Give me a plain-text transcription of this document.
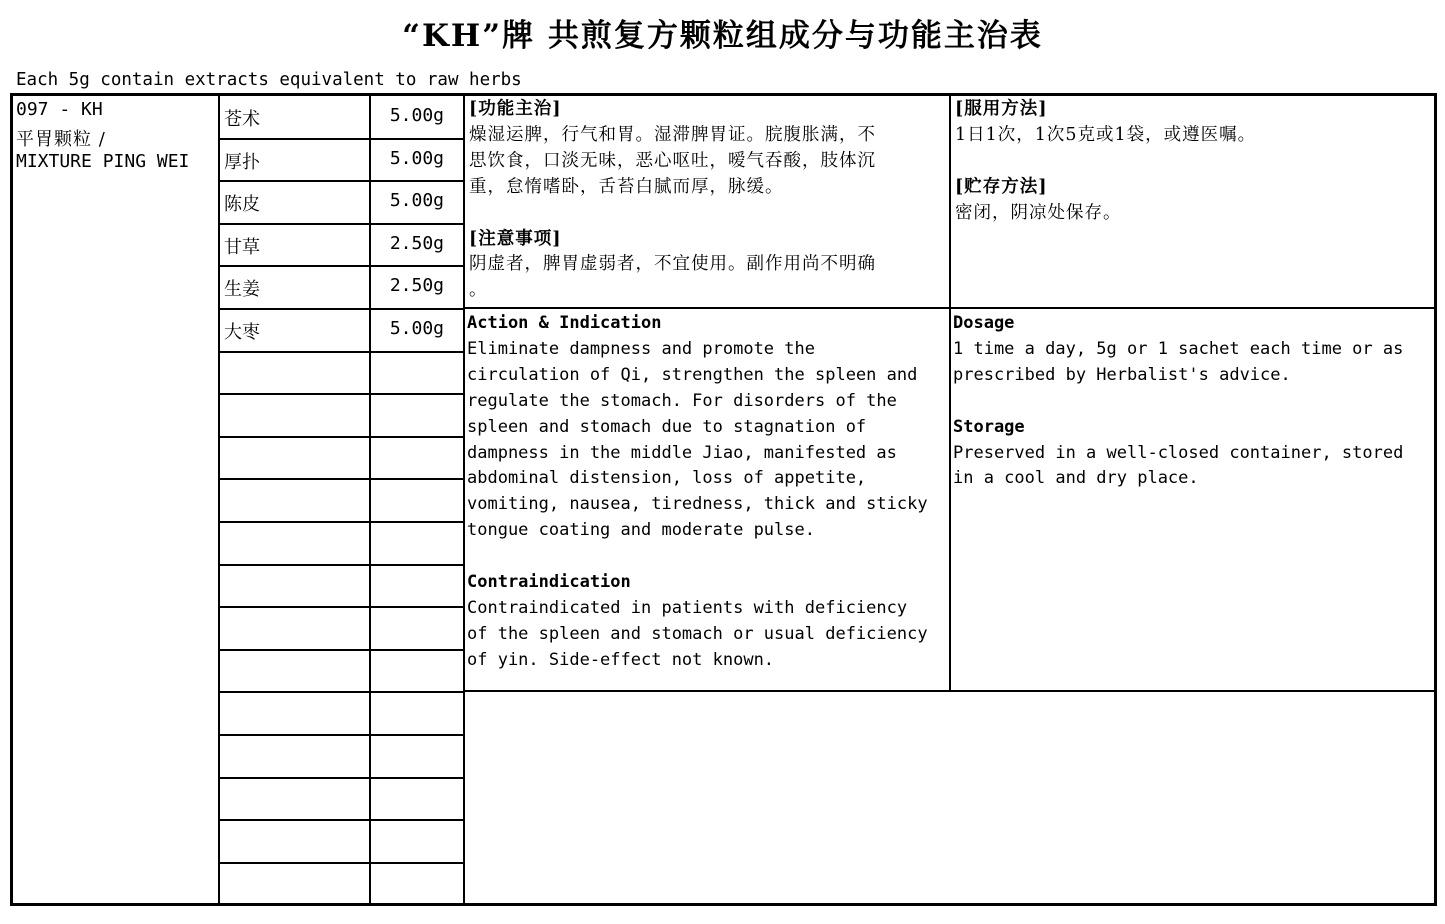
“KH”牌 共煎复方颗粒组成分与功能主治表
Each 5g contain extracts equivalent to raw herbs
苍术	5.00g
厚扑	5.00g
陈皮	5.00g
甘草	2.50g
生姜	2.50g
大枣	5.00g
097 - KH
平胃颗粒 /
MIXTURE PING WEI
[功能主治]
燥湿运脾，行气和胃。湿滞脾胃证。脘腹胀满，不
思饮食，口淡无味，恶心呕吐，嗳气吞酸，肢体沉
重，怠惰嗜卧，舌苔白腻而厚，脉缓。
[注意事项]
阴虚者，脾胃虚弱者，不宜使用。副作用尚不明确
。
[服用方法]
1日1次，1次5克或1袋，或遵医嘱。
[贮存方法]
密闭，阴凉处保存。
Action & Indication
Eliminate dampness and promote the
circulation of Qi, strengthen the spleen and
regulate the stomach. For disorders of the
spleen and stomach due to stagnation of
dampness in the middle Jiao, manifested as
abdominal distension, loss of appetite,
vomiting, nausea, tiredness, thick and sticky
tongue coating and moderate pulse.
Contraindication
Contraindicated in patients with deficiency
of the spleen and stomach or usual deficiency
of yin. Side-effect not known.
Dosage
1 time a day, 5g or 1 sachet each time or as
prescribed by Herbalist's advice.
Storage
Preserved in a well-closed container, stored
in a cool and dry place.
